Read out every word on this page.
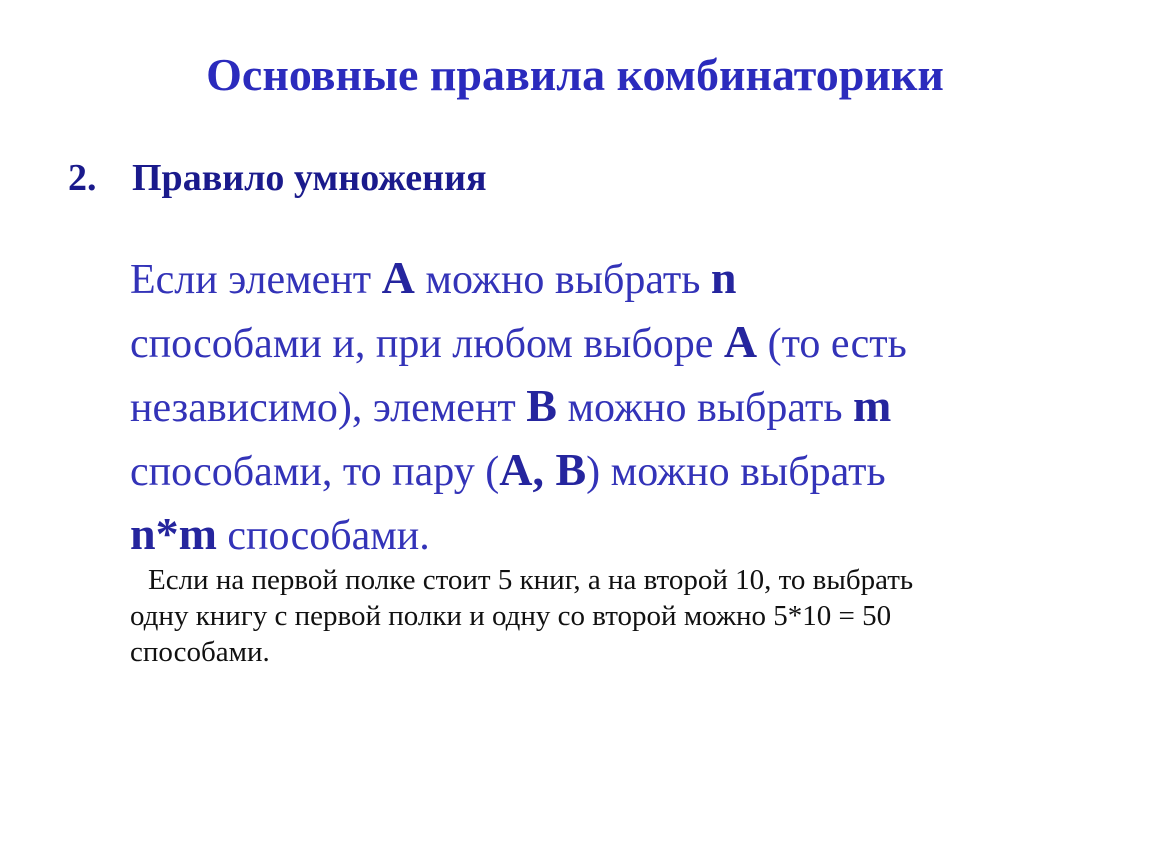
Основные правила комбинаторики
2. Правило умножения
Если элемент A можно выбрать n
способами и, при любом выборе A (то есть
независимо), элемент B можно выбрать m
способами, то пару (A, B) можно выбрать
n*m способами.
Если на первой полке стоит 5 книг, а на второй 10, то выбрать
одну книгу с первой полки и одну со второй можно 5*10 = 50
способами.
